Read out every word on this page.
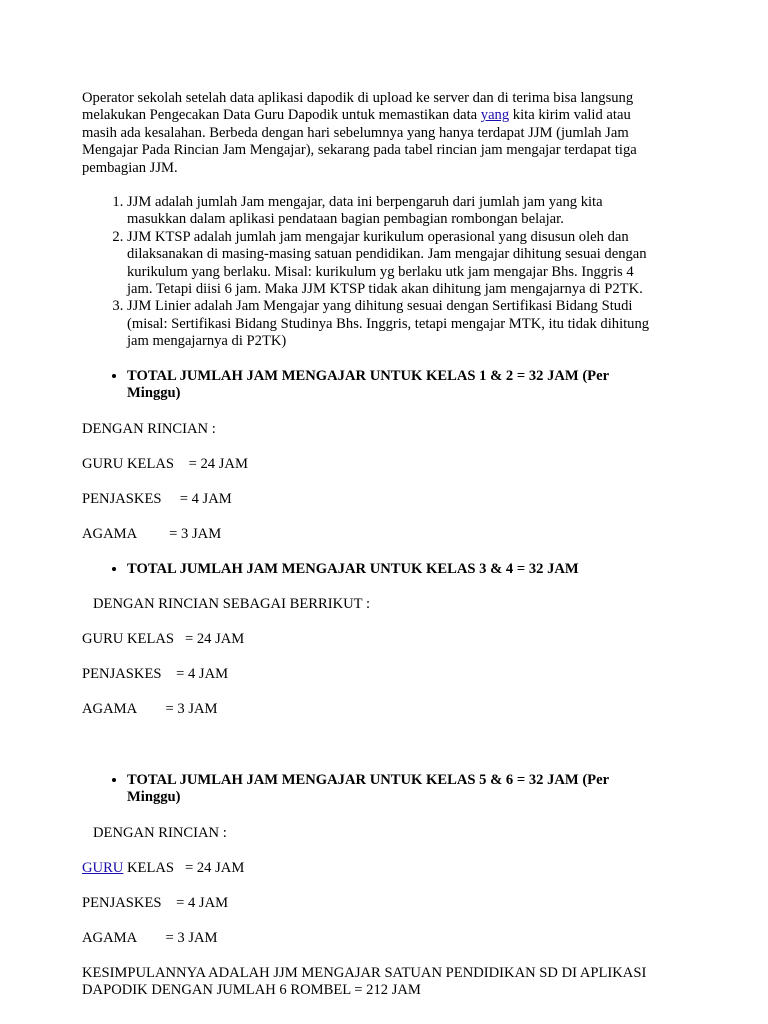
Operator sekolah setelah data aplikasi dapodik di upload ke server dan di terima bisa langsung melakukan Pengecakan Data Guru Dapodik untuk memastikan data yang kita kirim valid atau masih ada kesalahan. Berbeda dengan hari sebelumnya yang hanya terdapat JJM (jumlah Jam Mengajar Pada Rincian Jam Mengajar), sekarang pada tabel rincian jam mengajar terdapat tiga pembagian JJM.

1. JJM adalah jumlah Jam mengajar, data ini berpengaruh dari jumlah jam yang kita masukkan dalam aplikasi pendataan bagian pembagian rombongan belajar.
2. JJM KTSP adalah jumlah jam mengajar kurikulum operasional yang disusun oleh dan dilaksanakan di masing-masing satuan pendidikan. Jam mengajar dihitung sesuai dengan kurikulum yang berlaku. Misal: kurikulum yg berlaku utk jam mengajar Bhs. Inggris 4 jam. Tetapi diisi 6 jam. Maka JJM KTSP tidak akan dihitung jam mengajarnya di P2TK.
3. JJM Linier adalah Jam Mengajar yang dihitung sesuai dengan Sertifikasi Bidang Studi (misal: Sertifikasi Bidang Studinya Bhs. Inggris, tetapi mengajar MTK, itu tidak dihitung jam mengajarnya di P2TK)
• TOTAL JUMLAH JAM MENGAJAR UNTUK KELAS 1 & 2 = 32 JAM (Per Minggu)

DENGAN RINCIAN :

GURU KELAS    = 24 JAM

PENJASKES     = 4 JAM

AGAMA         = 3 JAM

• TOTAL JUMLAH JAM MENGAJAR UNTUK KELAS 3 & 4 = 32 JAM

DENGAN RINCIAN SEBAGAI BERRIKUT :

GURU KELAS   = 24 JAM

PENJASKES    = 4 JAM

AGAMA        = 3 JAM

• TOTAL JUMLAH JAM MENGAJAR UNTUK KELAS 5 & 6 = 32 JAM (Per Minggu)

DENGAN RINCIAN :

GURU KELAS   = 24 JAM

PENJASKES    = 4 JAM

AGAMA        = 3 JAM

KESIMPULANNYA ADALAH JJM MENGAJAR SATUAN PENDIDIKAN SD DI APLIKASI DAPODIK DENGAN JUMLAH 6 ROMBEL = 212 JAM
